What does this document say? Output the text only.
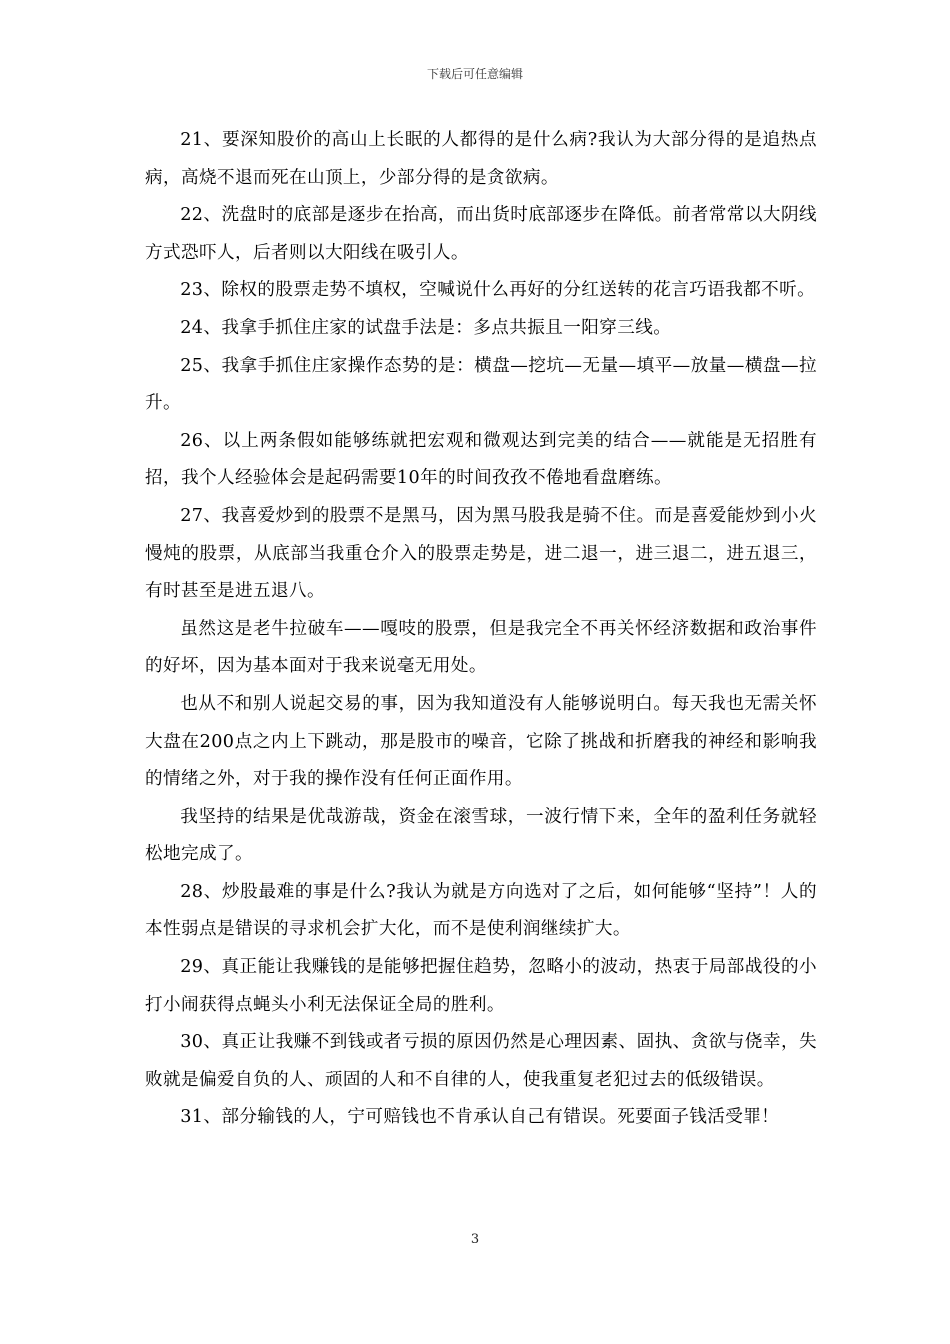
下载后可任意编辑

21、要深知股价的高山上长眠的人都得的是什么病?我认为大部分得的是追热点病，高烧不退而死在山顶上，少部分得的是贪欲病。

22、洗盘时的底部是逐步在抬高，而出货时底部逐步在降低。前者常常以大阴线方式恐吓人，后者则以大阳线在吸引人。

23、除权的股票走势不填权，空喊说什么再好的分红送转的花言巧语我都不听。

24、我拿手抓住庄家的试盘手法是：多点共振且一阳穿三线。

25、我拿手抓住庄家操作态势的是：横盘—挖坑—无量—填平—放量—横盘—拉升。

26、以上两条假如能够练就把宏观和微观达到完美的结合——就能是无招胜有招，我个人经验体会是起码需要10年的时间孜孜不倦地看盘磨练。

27、我喜爱炒到的股票不是黑马，因为黑马股我是骑不住。而是喜爱能炒到小火慢炖的股票，从底部当我重仓介入的股票走势是，进二退一，进三退二，进五退三，有时甚至是进五退八。

虽然这是老牛拉破车——嘎吱的股票，但是我完全不再关怀经济数据和政治事件的好坏，因为基本面对于我来说毫无用处。

也从不和别人说起交易的事，因为我知道没有人能够说明白。每天我也无需关怀大盘在200点之内上下跳动，那是股市的噪音，它除了挑战和折磨我的神经和影响我的情绪之外，对于我的操作没有任何正面作用。

我坚持的结果是优哉游哉，资金在滚雪球，一波行情下来，全年的盈利任务就轻松地完成了。

28、炒股最难的事是什么?我认为就是方向选对了之后，如何能够“坚持”！人的本性弱点是错误的寻求机会扩大化，而不是使利润继续扩大。

29、真正能让我赚钱的是能够把握住趋势，忽略小的波动，热衷于局部战役的小打小闹获得点蝇头小利无法保证全局的胜利。

30、真正让我赚不到钱或者亏损的原因仍然是心理因素、固执、贪欲与侥幸，失败就是偏爱自负的人、顽固的人和不自律的人，使我重复老犯过去的低级错误。

31、部分输钱的人，宁可赔钱也不肯承认自己有错误。死要面子钱活受罪！

3
